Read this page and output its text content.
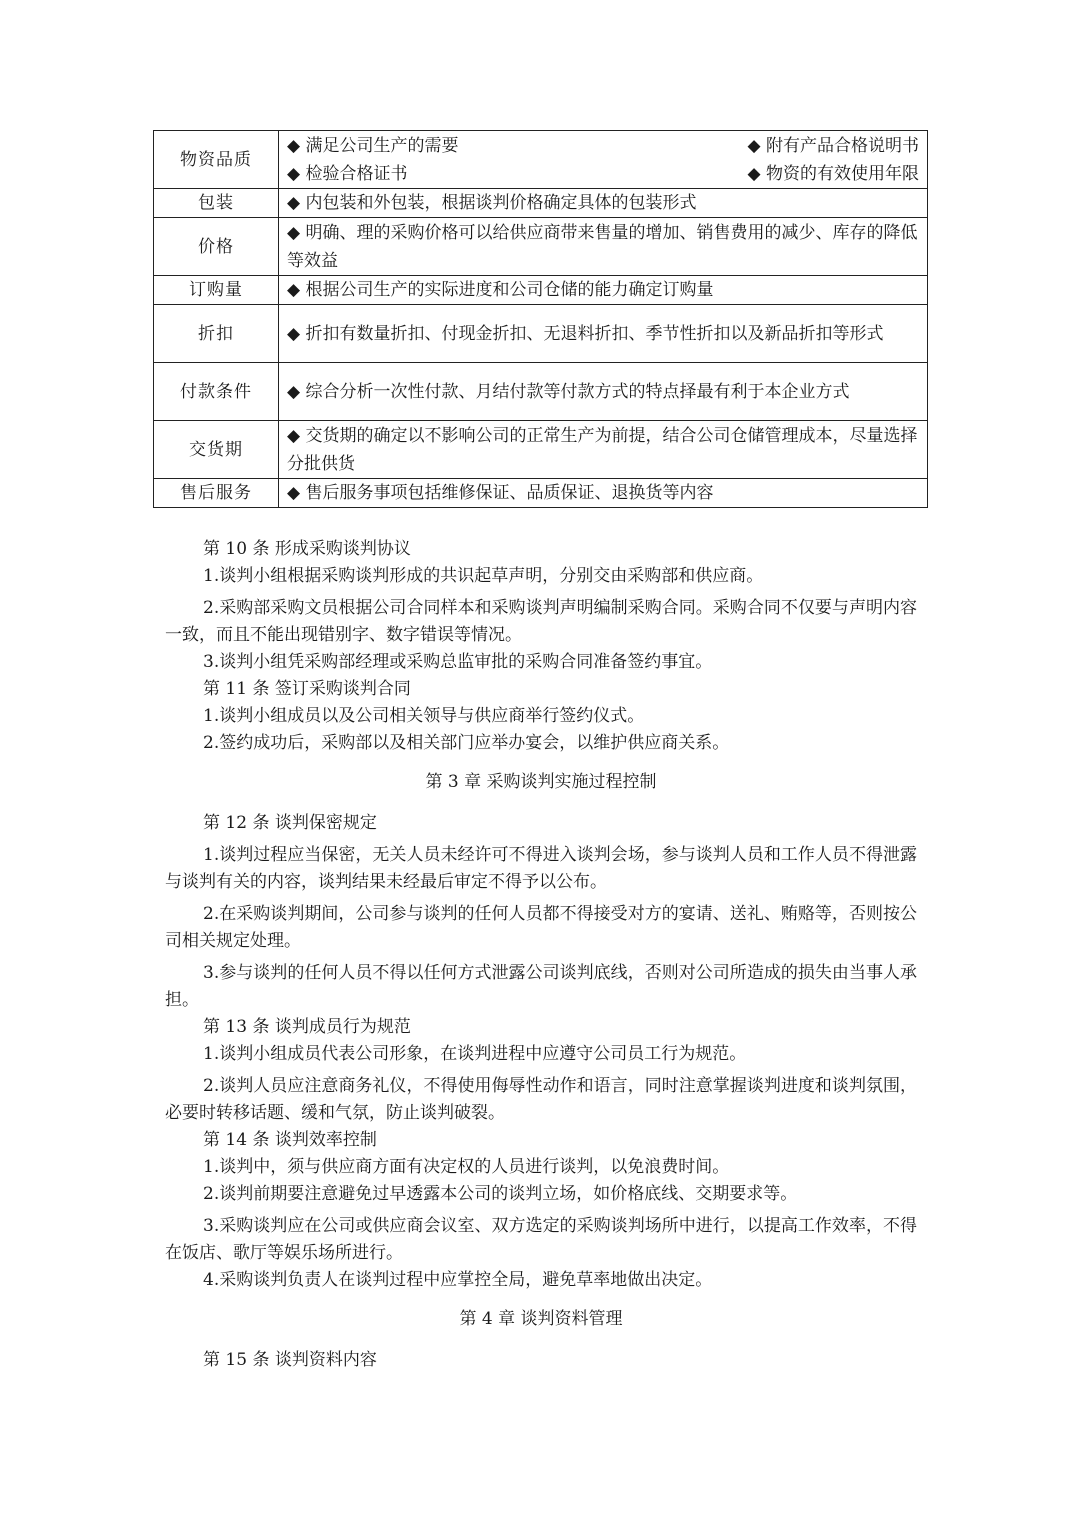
物资品质	◆ 满足公司生产的需要 ◆ 附有产品合格说明书
◆ 检验合格证书 ◆ 物资的有效使用年限

包装	◆ 内包装和外包装，根据谈判价格确定具体的包装形式
价格	◆ 明确、理的采购价格可以给供应商带来售量的增加、销售费用的减少、库存的降低等效益
订购量	◆ 根据公司生产的实际进度和公司仓储的能力确定订购量
折扣	◆ 折扣有数量折扣、付现金折扣、无退料折扣、季节性折扣以及新品折扣等形式
付款条件	◆ 综合分析一次性付款、月结付款等付款方式的特点择最有利于本企业方式
交货期	◆ 交货期的确定以不影响公司的正常生产为前提，结合公司仓储管理成本，尽量选择分批供货
售后服务	◆ 售后服务事项包括维修保证、品质保证、退换货等内容

第 10 条 形成采购谈判协议

1.谈判小组根据采购谈判形成的共识起草声明，分别交由采购部和供应商。

2.采购部采购文员根据公司合同样本和采购谈判声明编制采购合同。采购合同不仅要与声明内容一致，而且不能出现错别字、数字错误等情况。

3.谈判小组凭采购部经理或采购总监审批的采购合同准备签约事宜。

第 11 条 签订采购谈判合同

1.谈判小组成员以及公司相关领导与供应商举行签约仪式。

2.签约成功后，采购部以及相关部门应举办宴会，以维护供应商关系。

第 3 章 采购谈判实施过程控制

第 12 条 谈判保密规定

1.谈判过程应当保密，无关人员未经许可不得进入谈判会场，参与谈判人员和工作人员不得泄露与谈判有关的内容，谈判结果未经最后审定不得予以公布。

2.在采购谈判期间，公司参与谈判的任何人员都不得接受对方的宴请、送礼、贿赂等，否则按公司相关规定处理。

3.参与谈判的任何人员不得以任何方式泄露公司谈判底线，否则对公司所造成的损失由当事人承担。

第 13 条 谈判成员行为规范

1.谈判小组成员代表公司形象，在谈判进程中应遵守公司员工行为规范。

2.谈判人员应注意商务礼仪，不得使用侮辱性动作和语言，同时注意掌握谈判进度和谈判氛围，必要时转移话题、缓和气氛，防止谈判破裂。

第 14 条 谈判效率控制

1.谈判中，须与供应商方面有决定权的人员进行谈判，以免浪费时间。

2.谈判前期要注意避免过早透露本公司的谈判立场，如价格底线、交期要求等。

3.采购谈判应在公司或供应商会议室、双方选定的采购谈判场所中进行，以提高工作效率，不得在饭店、歌厅等娱乐场所进行。

4.采购谈判负责人在谈判过程中应掌控全局，避免草率地做出决定。

第 4 章 谈判资料管理

第 15 条 谈判资料内容
